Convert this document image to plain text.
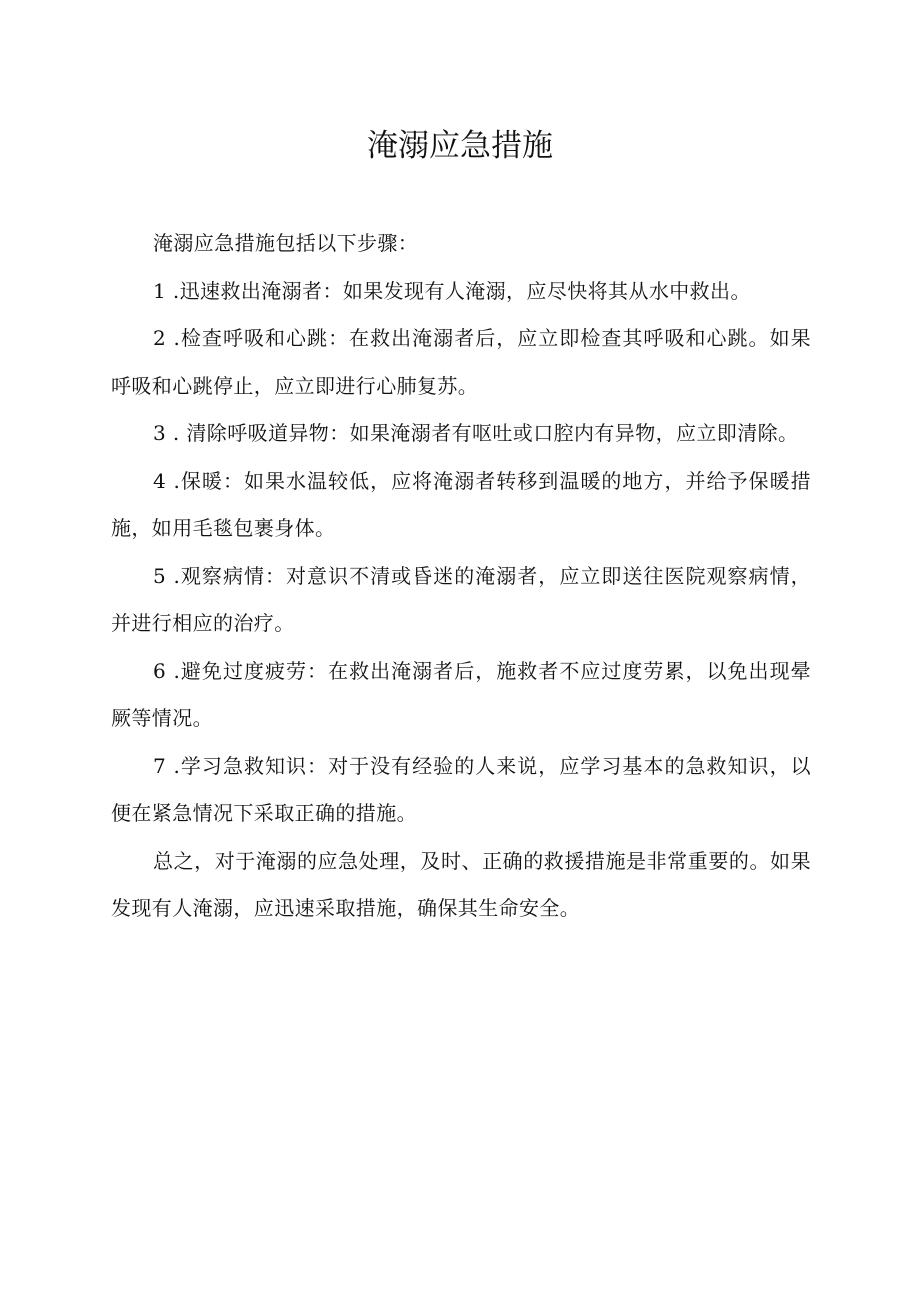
淹溺应急措施

淹溺应急措施包括以下步骤：

1 .迅速救出淹溺者：如果发现有人淹溺，应尽快将其从水中救出。

2 .检查呼吸和心跳：在救出淹溺者后，应立即检查其呼吸和心跳。如果呼吸和心跳停止，应立即进行心肺复苏。

3 . 清除呼吸道异物：如果淹溺者有呕吐或口腔内有异物，应立即清除。

4 .保暖：如果水温较低，应将淹溺者转移到温暖的地方，并给予保暖措施，如用毛毯包裹身体。

5 .观察病情：对意识不清或昏迷的淹溺者，应立即送往医院观察病情，并进行相应的治疗。

6 .避免过度疲劳：在救出淹溺者后，施救者不应过度劳累，以免出现晕厥等情况。

7 .学习急救知识：对于没有经验的人来说，应学习基本的急救知识，以便在紧急情况下采取正确的措施。

总之，对于淹溺的应急处理，及时、正确的救援措施是非常重要的。如果发现有人淹溺，应迅速采取措施，确保其生命安全。
